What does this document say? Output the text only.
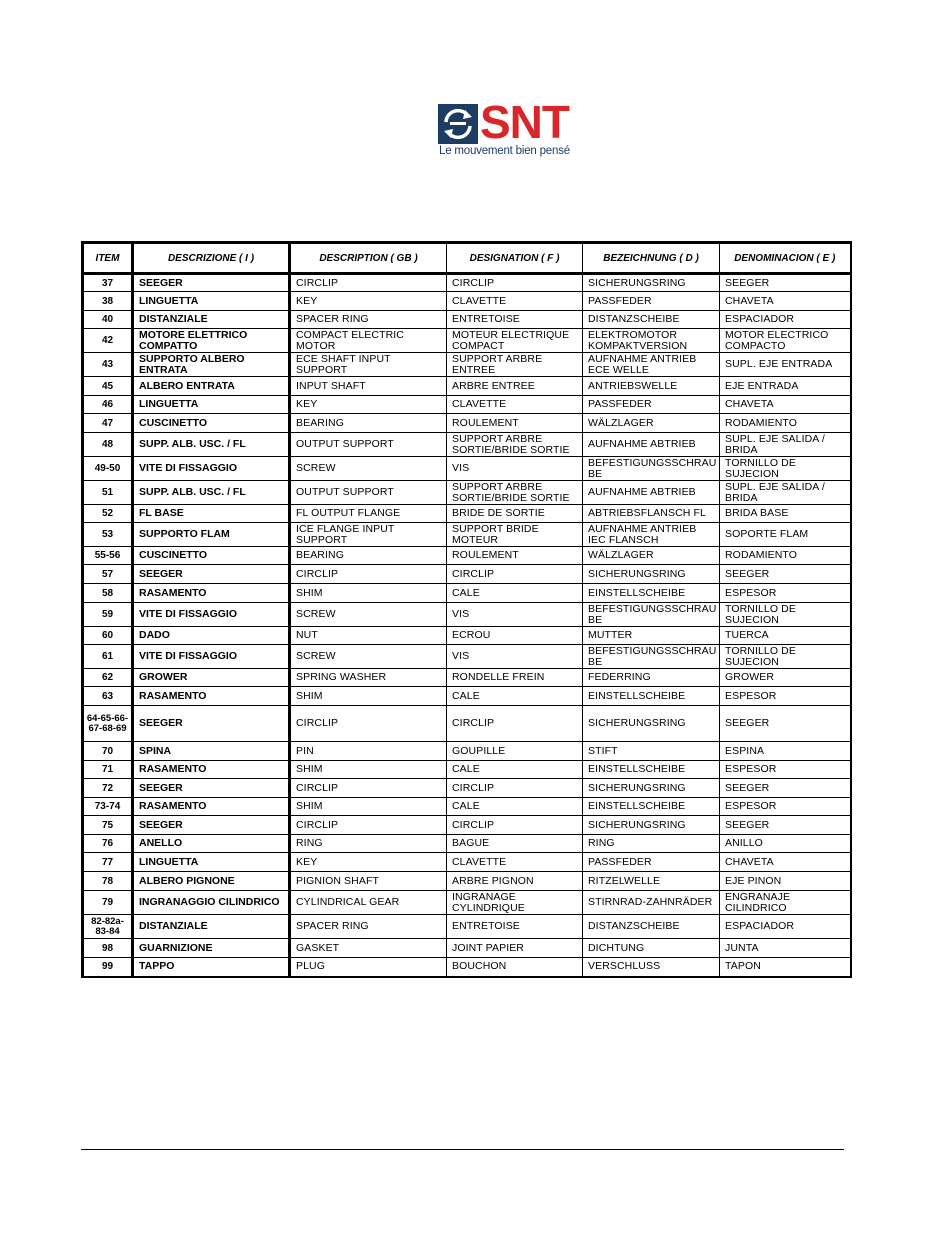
SNT
Le mouvement bien pensé
ITEM	DESCRIZIONE ( I )	DESCRIPTION ( GB )	DESIGNATION ( F )	BEZEICHNUNG ( D )	DENOMINACION ( E )
37	SEEGER	CIRCLIP	CIRCLIP	SICHERUNGSRING	SEEGER
38	LINGUETTA	KEY	CLAVETTE	PASSFEDER	CHAVETA
40	DISTANZIALE	SPACER RING	ENTRETOISE	DISTANZSCHEIBE	ESPACIADOR
42	MOTORE ELETTRICO COMPATTO	COMPACT ELECTRIC MOTOR	MOTEUR ELECTRIQUE COMPACT	ELEKTROMOTOR KOMPAKTVERSION	MOTOR ELECTRICO COMPACTO
43	SUPPORTO ALBERO ENTRATA	ECE SHAFT INPUT SUPPORT	SUPPORT ARBRE ENTREE	AUFNAHME ANTRIEB ECE WELLE	SUPL. EJE ENTRADA
45	ALBERO ENTRATA	INPUT SHAFT	ARBRE ENTREE	ANTRIEBSWELLE	EJE ENTRADA
46	LINGUETTA	KEY	CLAVETTE	PASSFEDER	CHAVETA
47	CUSCINETTO	BEARING	ROULEMENT	WÄLZLAGER	RODAMIENTO
48	SUPP. ALB. USC. / FL	OUTPUT SUPPORT	SUPPORT ARBRE SORTIE/BRIDE SORTIE	AUFNAHME ABTRIEB	SUPL. EJE SALIDA / BRIDA
49-50	VITE DI FISSAGGIO	SCREW	VIS	BEFESTIGUNGSSCHRAU BE	TORNILLO DE SUJECION
51	SUPP. ALB. USC. / FL	OUTPUT SUPPORT	SUPPORT ARBRE SORTIE/BRIDE SORTIE	AUFNAHME ABTRIEB	SUPL. EJE SALIDA / BRIDA
52	FL BASE	FL OUTPUT FLANGE	BRIDE DE SORTIE	ABTRIEBSFLANSCH FL	BRIDA BASE
53	SUPPORTO FLAM	ICE FLANGE INPUT SUPPORT	SUPPORT BRIDE MOTEUR	AUFNAHME ANTRIEB IEC FLANSCH	SOPORTE FLAM
55-56	CUSCINETTO	BEARING	ROULEMENT	WÄLZLAGER	RODAMIENTO
57	SEEGER	CIRCLIP	CIRCLIP	SICHERUNGSRING	SEEGER
58	RASAMENTO	SHIM	CALE	EINSTELLSCHEIBE	ESPESOR
59	VITE DI FISSAGGIO	SCREW	VIS	BEFESTIGUNGSSCHRAU BE	TORNILLO DE SUJECION
60	DADO	NUT	ECROU	MUTTER	TUERCA
61	VITE DI FISSAGGIO	SCREW	VIS	BEFESTIGUNGSSCHRAU BE	TORNILLO DE SUJECION
62	GROWER	SPRING WASHER	RONDELLE FREIN	FEDERRING	GROWER
63	RASAMENTO	SHIM	CALE	EINSTELLSCHEIBE	ESPESOR
64-65-66-67-68-69	SEEGER	CIRCLIP	CIRCLIP	SICHERUNGSRING	SEEGER
70	SPINA	PIN	GOUPILLE	STIFT	ESPINA
71	RASAMENTO	SHIM	CALE	EINSTELLSCHEIBE	ESPESOR
72	SEEGER	CIRCLIP	CIRCLIP	SICHERUNGSRING	SEEGER
73-74	RASAMENTO	SHIM	CALE	EINSTELLSCHEIBE	ESPESOR
75	SEEGER	CIRCLIP	CIRCLIP	SICHERUNGSRING	SEEGER
76	ANELLO	RING	BAGUE	RING	ANILLO
77	LINGUETTA	KEY	CLAVETTE	PASSFEDER	CHAVETA
78	ALBERO PIGNONE	PIGNION SHAFT	ARBRE PIGNON	RITZELWELLE	EJE PINON
79	INGRANAGGIO CILINDRICO	CYLINDRICAL GEAR	INGRANAGE CYLINDRIQUE	STIRNRAD-ZAHNRÄDER	ENGRANAJE CILINDRICO
82-82a-83-84	DISTANZIALE	SPACER RING	ENTRETOISE	DISTANZSCHEIBE	ESPACIADOR
98	GUARNIZIONE	GASKET	JOINT PAPIER	DICHTUNG	JUNTA
99	TAPPO	PLUG	BOUCHON	VERSCHLUSS	TAPON
